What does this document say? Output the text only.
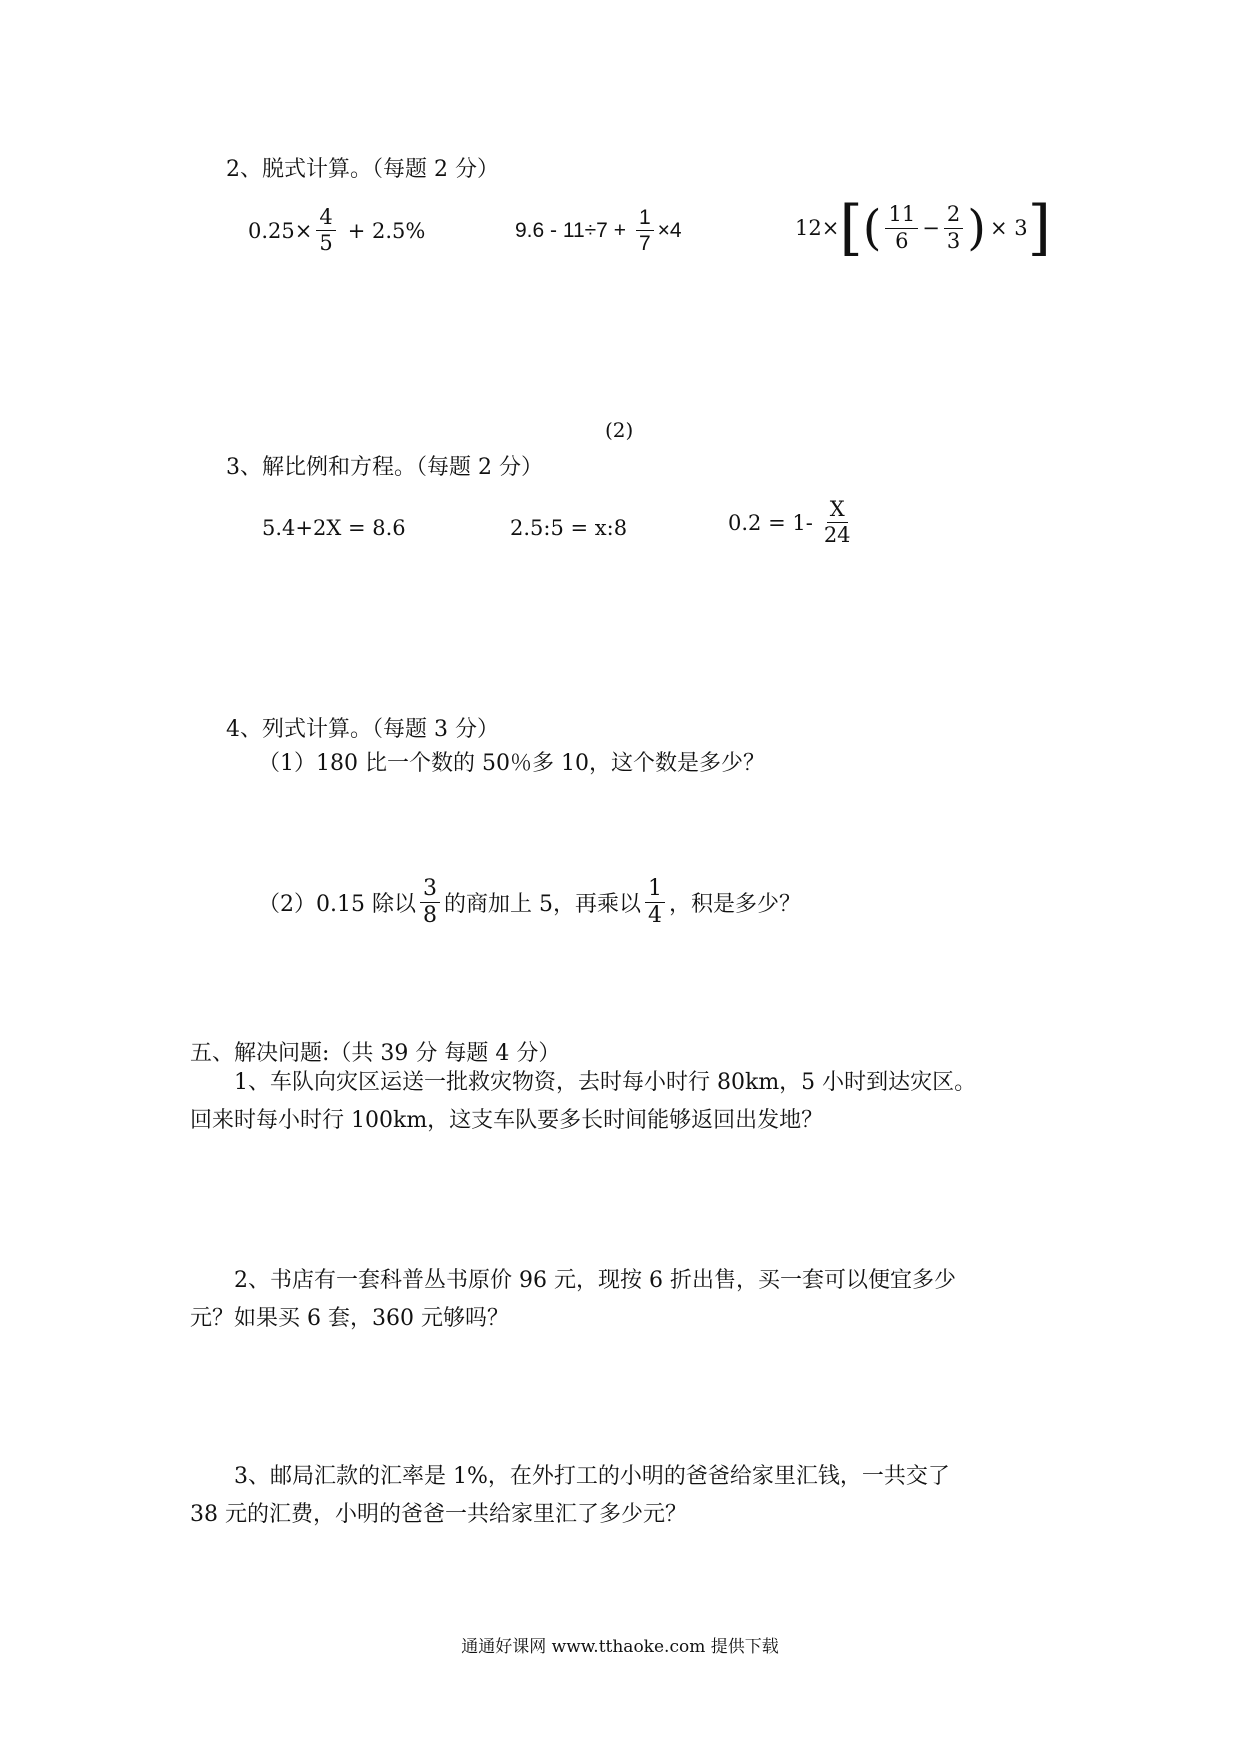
2、脱式计算。（每题 2 分）
$0.25\times \frac{4}{5} + 2.5\%$	$9.6 - 11\div 7 + \frac{1}{7} \times 4$	12× [ ( $\frac{11}{6} - \frac{2}{3}$ ) × 3 ]
(2)
3、解比例和方程。（每题 2 分）
5.4+2X = 8.6	2.5:5 = x:8	$0.2 = 1- \frac{X}{24}$
4、列式计算。（每题 3 分）
（1）180 比一个数的 50％多 10，这个数是多少？
（2）0.15 除以 $\frac{3}{8}$ 的商加上 5，再乘以 $\frac{1}{4}$ ，积是多少？
五、解决问题:（共 39 分 每题 4 分）
1、车队向灾区运送一批救灾物资，去时每小时行 80km，5 小时到达灾区。
回来时每小时行 100km，这支车队要多长时间能够返回出发地？
2、书店有一套科普丛书原价 96 元，现按 6 折出售，买一套可以便宜多少
元？如果买 6 套，360 元够吗？
3、邮局汇款的汇率是 1%，在外打工的小明的爸爸给家里汇钱，一共交了
38 元的汇费，小明的爸爸一共给家里汇了多少元？
通通好课网 www.tthaoke.com 提供下载
